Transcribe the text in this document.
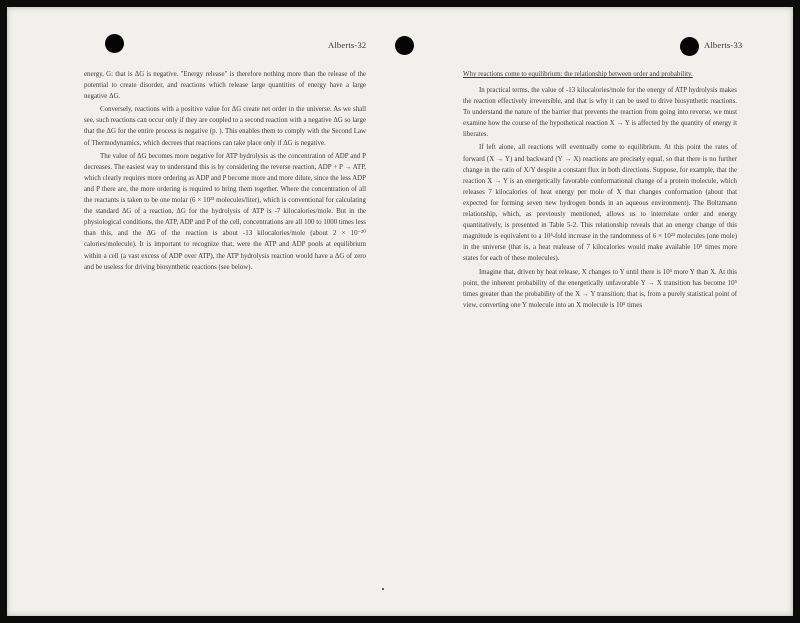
Alberts-32	Alberts-33

energy, G: that is ΔG is negative. "Energy release" is therefore nothing more than the release of the potential to create disorder, and reactions which release large quantities of energy have a large negative ΔG.

Conversely, reactions with a positive value for ΔG create net order in the universe. As we shall see, such reactions can occur only if they are coupled to a second reaction with a negative ΔG so large that the ΔG for the entire process is negative (p. ). This enables them to comply with the Second Law of Thermodynamics, which decrees that reactions can take place only if ΔG is negative.

The value of ΔG becomes more negative for ATP hydrolysis as the concentration of ADP and P decreases. The easiest way to understand this is by considering the reverse reaction, ADP + P → ATP, which clearly requires more ordering as ADP and P become more and more dilute, since the less ADP and P there are, the more ordering is required to bring them together. Where the concentration of all the reactants is taken to be one molar (6 × 10²³ molecules/liter), which is conventional for calculating the standard ΔG of a reaction, ΔG for the hydrolysis of ATP is -7 kilocalories/mole. But in the physiological conditions, the ATP, ADP and P of the cell, concentrations are all 100 to 1000 times less than this, and the ΔG of the reaction is about -13 kilocalories/mole (about 2 × 10⁻²⁰ calories/molecule). It is important to recognize that, were the ATP and ADP pools at equilibrium within a cell (a vast excess of ADP over ATP), the ATP hydrolysis reaction would have a ΔG of zero and be useless for driving biosynthetic reactions (see below).

Why reactions come to equilibrium: the relationship between order and probability.

In practical terms, the value of -13 kilocalories/mole for the energy of ATP hydrolysis makes the reaction effectively irreversible, and that is why it can be used to drive biosynthetic reactions. To understand the nature of the barrier that prevents the reaction from going into reverse, we must examine how the course of the hypothetical reaction X → Y is affected by the quantity of energy it liberates.

If left alone, all reactions will eventually come to equilibrium. At this point the rates of forward (X → Y) and backward (Y → X) reactions are precisely equal, so that there is no further change in the ratio of X/Y despite a constant flux in both directions. Suppose, for example, that the reaction X → Y is an energetically favorable conformational change of a protein molecule, which releases 7 kilocalories of heat energy per mole of X that changes conformation (about that expected for forming seven new hydrogen bonds in an aqueous environment). The Boltzmann relationship, which, as previously mentioned, allows us to interrelate order and energy quantitatively, is presented in Table 5-2. This relationship reveals that an energy change of this magnitude is equivalent to a 10⁵-fold increase in the randomness of 6 × 10²³ molecules (one mole) in the universe (that is, a heat realease of 7 kilocalories would make available 10⁵ times more states for each of these molecules).

Imagine that, driven by heat release, X changes to Y until there is 10⁵ more Y than X. At this point, the inherent probability of the energetically unfavorable Y → X transition has become 10⁵ times greater than the probability of the X → Y transition; that is, from a purely statistical point of view, converting one Y molecule into an X molecule is 10⁵ times
